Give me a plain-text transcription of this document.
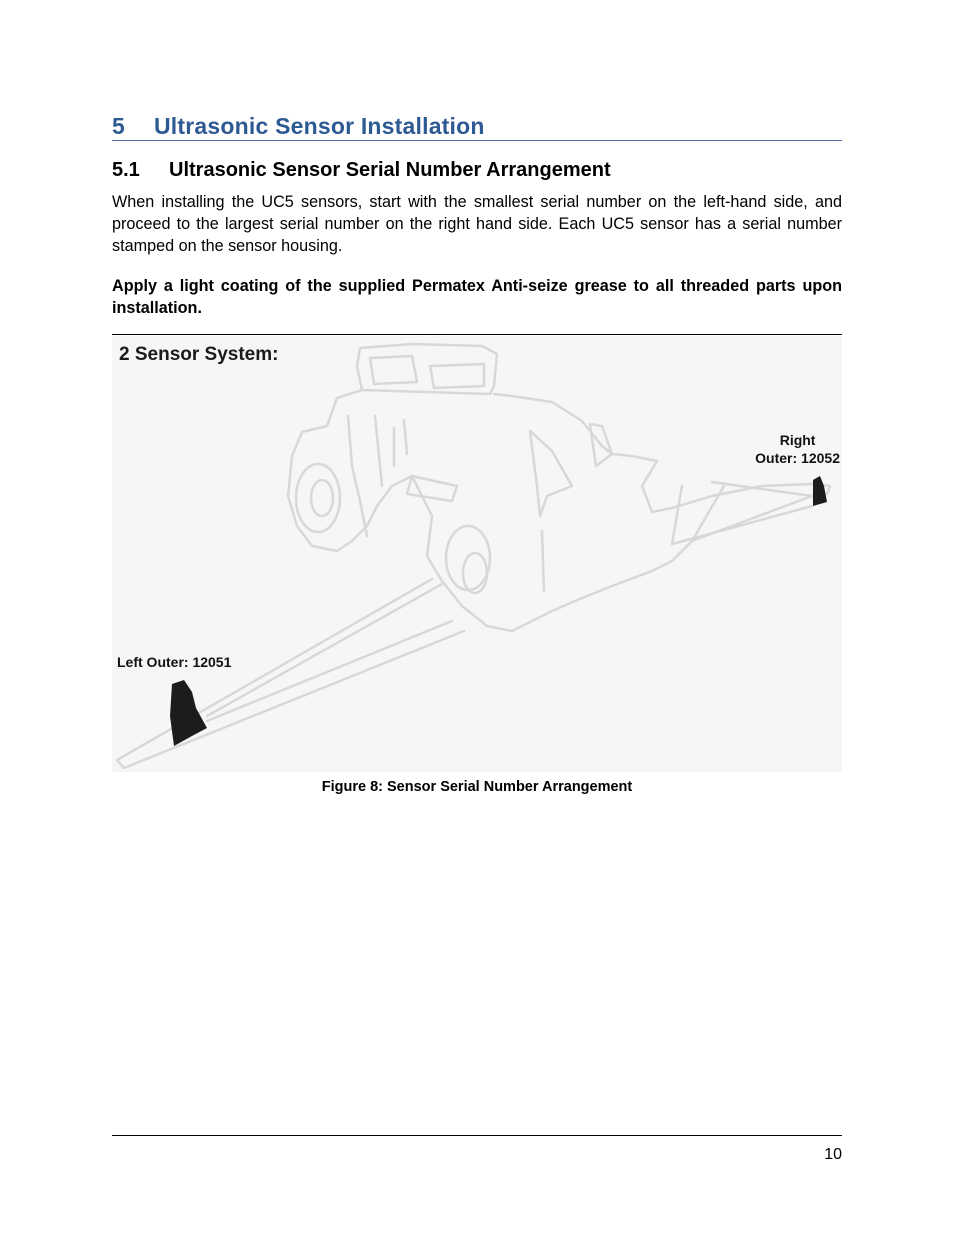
5 Ultrasonic Sensor Installation
5.1 Ultrasonic Sensor Serial Number Arrangement

When installing the UC5 sensors, start with the smallest serial number on the left-hand side, and proceed to the largest serial number on the right hand side. Each UC5 sensor has a serial number stamped on the sensor housing.

Apply a light coating of the supplied Permatex Anti-seize grease to all threaded parts upon installation.

2 Sensor System:
Right
Outer: 12052
Left Outer: 12051
Figure 8: Sensor Serial Number Arrangement
10
